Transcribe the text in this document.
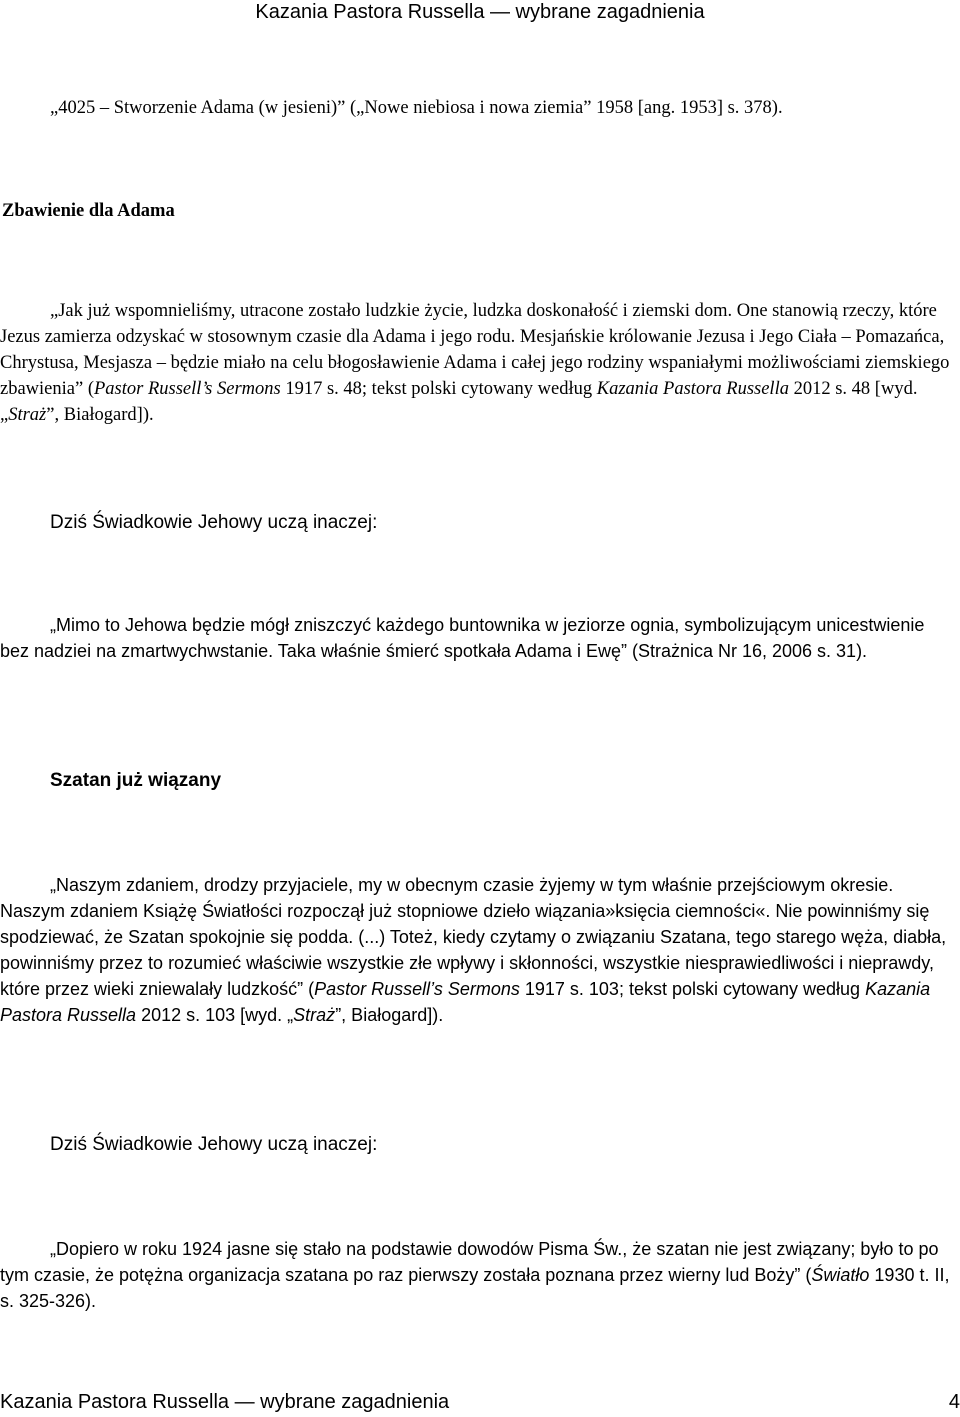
Kazania Pastora Russella — wybrane zagadnienia

„4025 – Stworzenie Adama (w jesieni)” („Nowe niebiosa i nowa ziemia” 1958 [ang. 1953] s. 378).

Zbawienie dla Adama

„Jak już wspomnieliśmy, utracone zostało ludzkie życie, ludzka doskonałość i ziemski dom. One stanowią rzeczy, które Jezus zamierza odzyskać w stosownym czasie dla Adama i jego rodu. Mesjańskie królowanie Jezusa i Jego Ciała – Pomazańca, Chrystusa, Mesjasza – będzie miało na celu błogosławienie Adama i całej jego rodziny wspaniałymi możliwościami ziemskiego zbawienia” (Pastor Russell’s Sermons 1917 s. 48; tekst polski cytowany według Kazania Pastora Russella 2012 s. 48 [wyd. „Straż”, Białogard]).

Dziś Świadkowie Jehowy uczą inaczej:

„Mimo to Jehowa będzie mógł zniszczyć każdego buntownika w jeziorze ognia, symbolizującym unicestwienie bez nadziei na zmartwychwstanie. Taka właśnie śmierć spotkała Adama i Ewę” (Strażnica Nr 16, 2006 s. 31).

Szatan już wiązany

„Naszym zdaniem, drodzy przyjaciele, my w obecnym czasie żyjemy w tym właśnie przejściowym okresie. Naszym zdaniem Książę Światłości rozpoczął już stopniowe dzieło wiązania»księcia ciemności«. Nie powinniśmy się spodziewać, że Szatan spokojnie się podda. (...) Toteż, kiedy czytamy o związaniu Szatana, tego starego węża, diabła, powinniśmy przez to rozumieć właściwie wszystkie złe wpływy i skłonności, wszystkie niesprawiedliwości i nieprawdy, które przez wieki zniewalały ludzkość” (Pastor Russell’s Sermons 1917 s. 103; tekst polski cytowany według Kazania Pastora Russella 2012 s. 103 [wyd. „Straż”, Białogard]).

Dziś Świadkowie Jehowy uczą inaczej:

„Dopiero w roku 1924 jasne się stało na podstawie dowodów Pisma Św., że szatan nie jest związany; było to po tym czasie, że potężna organizacja szatana po raz pierwszy została poznana przez wierny lud Boży” (Światło 1930 t. II, s. 325-326).

Kazania Pastora Russella — wybrane zagadnienia	4
